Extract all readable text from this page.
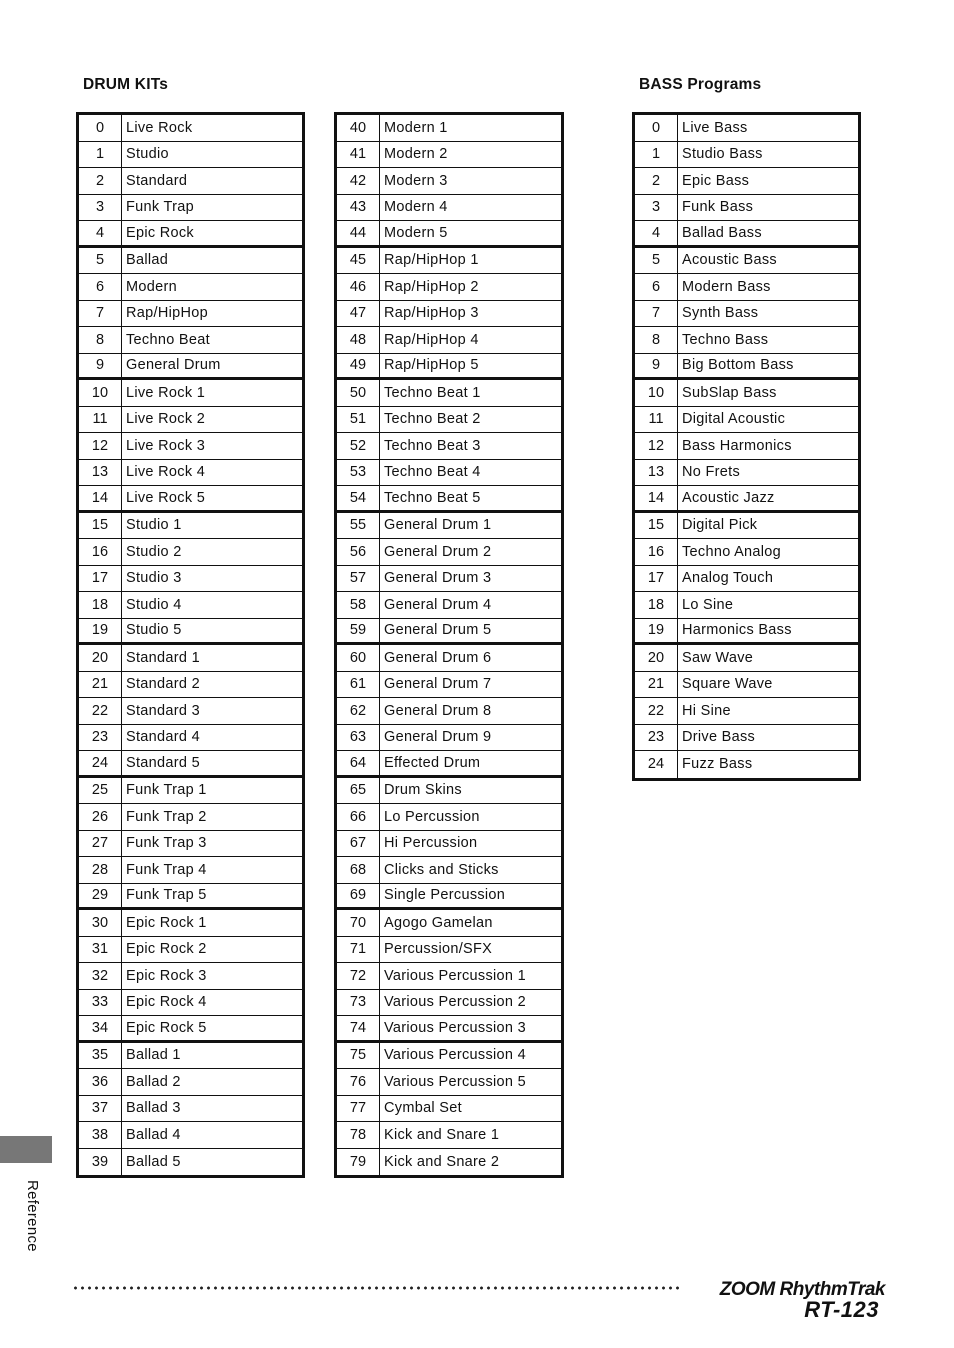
DRUM KITs	BASS Programs
0	Live Rock
1	Studio
2	Standard
3	Funk Trap
4	Epic Rock
5	Ballad
6	Modern
7	Rap/HipHop
8	Techno Beat
9	General Drum
10	Live Rock 1
11	Live Rock 2
12	Live Rock 3
13	Live Rock 4
14	Live Rock 5
15	Studio 1
16	Studio 2
17	Studio 3
18	Studio 4
19	Studio 5
20	Standard 1
21	Standard 2
22	Standard 3
23	Standard 4
24	Standard 5
25	Funk Trap 1
26	Funk Trap 2
27	Funk Trap 3
28	Funk Trap 4
29	Funk Trap 5
30	Epic Rock 1
31	Epic Rock 2
32	Epic Rock 3
33	Epic Rock 4
34	Epic Rock 5
35	Ballad 1
36	Ballad 2
37	Ballad 3
38	Ballad 4
39	Ballad 5
40	Modern 1
41	Modern 2
42	Modern 3
43	Modern 4
44	Modern 5
45	Rap/HipHop 1
46	Rap/HipHop 2
47	Rap/HipHop 3
48	Rap/HipHop 4
49	Rap/HipHop 5
50	Techno Beat 1
51	Techno Beat 2
52	Techno Beat 3
53	Techno Beat 4
54	Techno Beat 5
55	General Drum 1
56	General Drum 2
57	General Drum 3
58	General Drum 4
59	General Drum 5
60	General Drum 6
61	General Drum 7
62	General Drum 8
63	General Drum 9
64	Effected Drum
65	Drum Skins
66	Lo Percussion
67	Hi Percussion
68	Clicks and Sticks
69	Single Percussion
70	Agogo Gamelan
71	Percussion/SFX
72	Various Percussion 1
73	Various Percussion 2
74	Various Percussion 3
75	Various Percussion 4
76	Various Percussion 5
77	Cymbal Set
78	Kick and Snare 1
79	Kick and Snare 2
0	Live Bass
1	Studio Bass
2	Epic Bass
3	Funk Bass
4	Ballad Bass
5	Acoustic Bass
6	Modern Bass
7	Synth Bass
8	Techno Bass
9	Big Bottom Bass
10	SubSlap Bass
11	Digital Acoustic
12	Bass Harmonics
13	No Frets
14	Acoustic Jazz
15	Digital Pick
16	Techno Analog
17	Analog Touch
18	Lo Sine
19	Harmonics Bass
20	Saw Wave
21	Square Wave
22	Hi Sine
23	Drive Bass
24	Fuzz Bass
Reference
ZOOM RhythmTrak
RT-123
